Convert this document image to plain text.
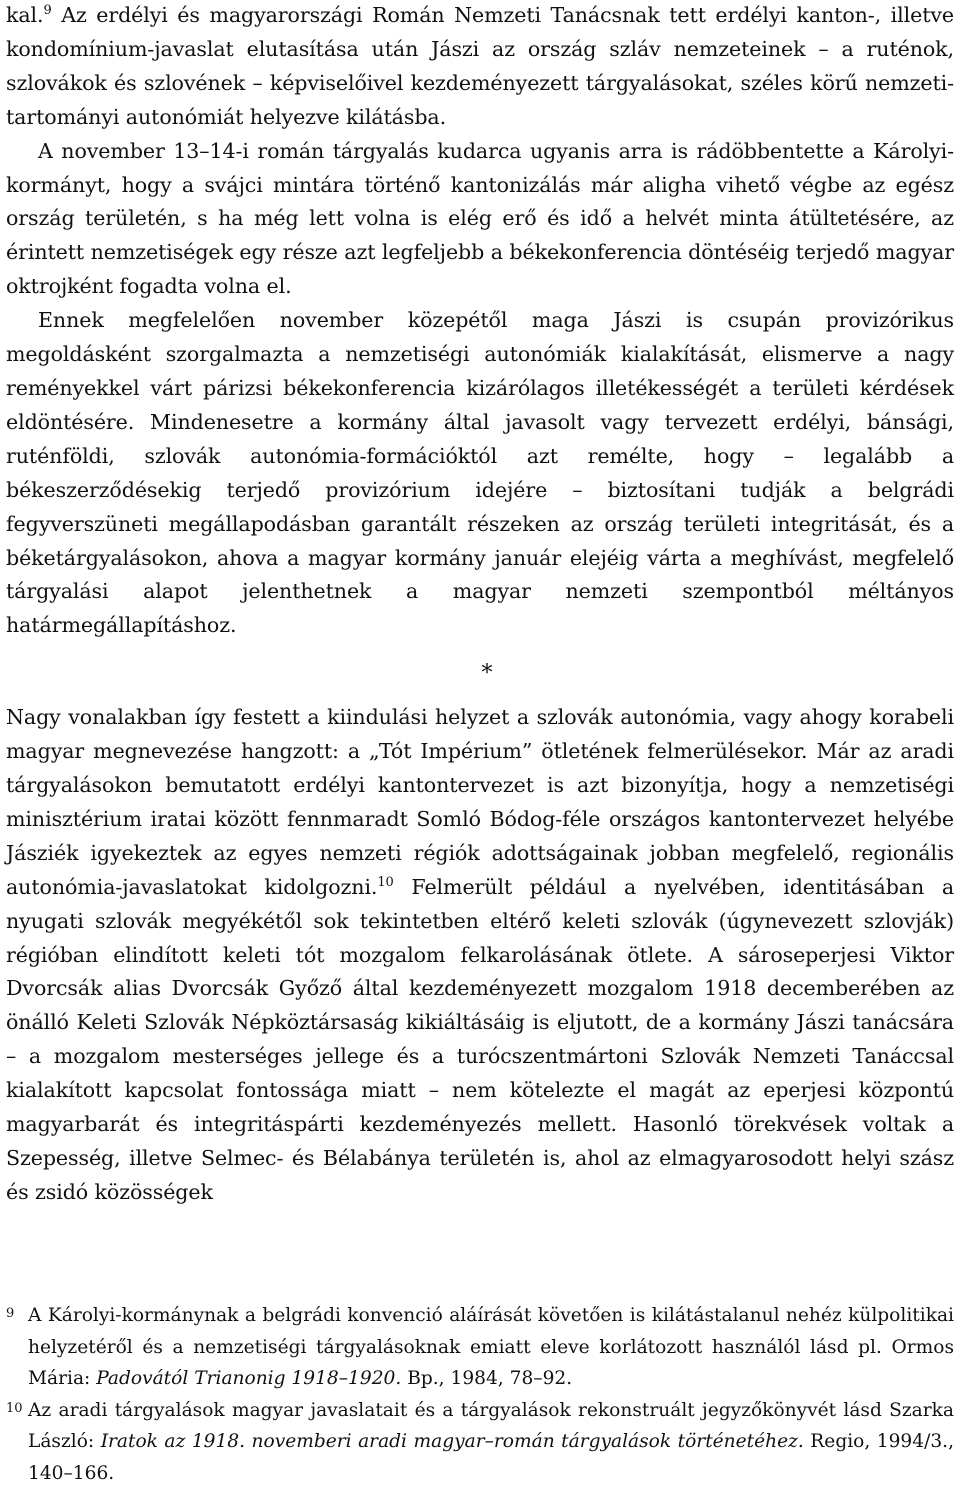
kal.$^9$ Az erdélyi és magyarországi Román Nemzeti Tanácsnak tett erdélyi kanton-, illetve kondomínium-javaslat elutasítása után Jászi az ország szláv nemzeteinek – a ruténok, szlovákok és szlovének – képviselőivel kezdeményezett tárgyalásokat, széles körű nemzeti-tartományi autonómiát helyezve kilátásba.

A november 13–14-i román tárgyalás kudarca ugyanis arra is rádöbbentette a Károlyi-kormányt, hogy a svájci mintára történő kantonizálás már aligha vihető végbe az egész ország területén, s ha még lett volna is elég erő és idő a helvét minta átültetésére, az érintett nemzetiségek egy része azt legfeljebb a békekonferencia döntéséig terjedő magyar oktrojként fogadta volna el.

Ennek megfelelően november közepétől maga Jászi is csupán provizórikus megoldásként szorgalmazta a nemzetiségi autonómiák kialakítását, elismerve a nagy reményekkel várt párizsi békekonferencia kizárólagos illetékességét a területi kérdések eldöntésére. Mindenesetre a kormány által javasolt vagy tervezett erdélyi, bánsági, ruténföldi, szlovák autonómia-formációktól azt remélte, hogy – legalább a békeszerződésekig terjedő provizórium idejére – biztosítani tudják a belgrádi fegyverszüneti megállapodásban garantált részeken az ország területi integritását, és a béketárgyalásokon, ahova a magyar kormány január elejéig várta a meghívást, megfelelő tárgyalási alapot jelenthetnek a magyar nemzeti szempontból méltányos határmegállapításhoz.

*

Nagy vonalakban így festett a kiindulási helyzet a szlovák autonómia, vagy ahogy korabeli magyar megnevezése hangzott: a „Tót Impérium” ötletének felmerülésekor. Már az aradi tárgyalásokon bemutatott erdélyi kantontervezet is azt bizonyítja, hogy a nemzetiségi minisztérium iratai között fennmaradt Somló Bódog-féle országos kantontervezet helyébe Jásziék igyekeztek az egyes nemzeti régiók adottságainak jobban megfelelő, regionális autonómia-javaslatokat kidolgozni.$^{10}$ Felmerült például a nyelvében, identitásában a nyugati szlovák megyékétől sok tekintetben eltérő keleti szlovák (úgynevezett szlovják) régióban elindított keleti tót mozgalom felkarolásának ötlete. A sároseperjesi Viktor Dvorcsák alias Dvorcsák Győző által kezdeményezett mozgalom 1918 decemberében az önálló Keleti Szlovák Népköztársaság kikiáltásáig is eljutott, de a kormány Jászi tanácsára – a mozgalom mesterséges jellege és a turócszentmártoni Szlovák Nemzeti Tanáccsal kialakított kapcsolat fontossága miatt – nem kötelezte el magát az eperjesi központú magyarbarát és integritáspárti kezdeményezés mellett. Hasonló törekvések voltak a Szepesség, illetve Selmec- és Bélabánya területén is, ahol az elmagyarosodott helyi szász és zsidó közösségek

9 A Károlyi-kormánynak a belgrádi konvenció aláírását követően is kilátástalanul nehéz külpolitikai helyzetéről és a nemzetiségi tárgyalásoknak emiatt eleve korlátozott használól lásd pl. Ormos Mária: Padovától Trianonig 1918–1920. Bp., 1984, 78–92.

10 Az aradi tárgyalások magyar javaslatait és a tárgyalások rekonstruált jegyzőkönyvét lásd Szarka László: Iratok az 1918. novemberi aradi magyar–román tárgyalások történetéhez. Regio, 1994/3., 140–166.
